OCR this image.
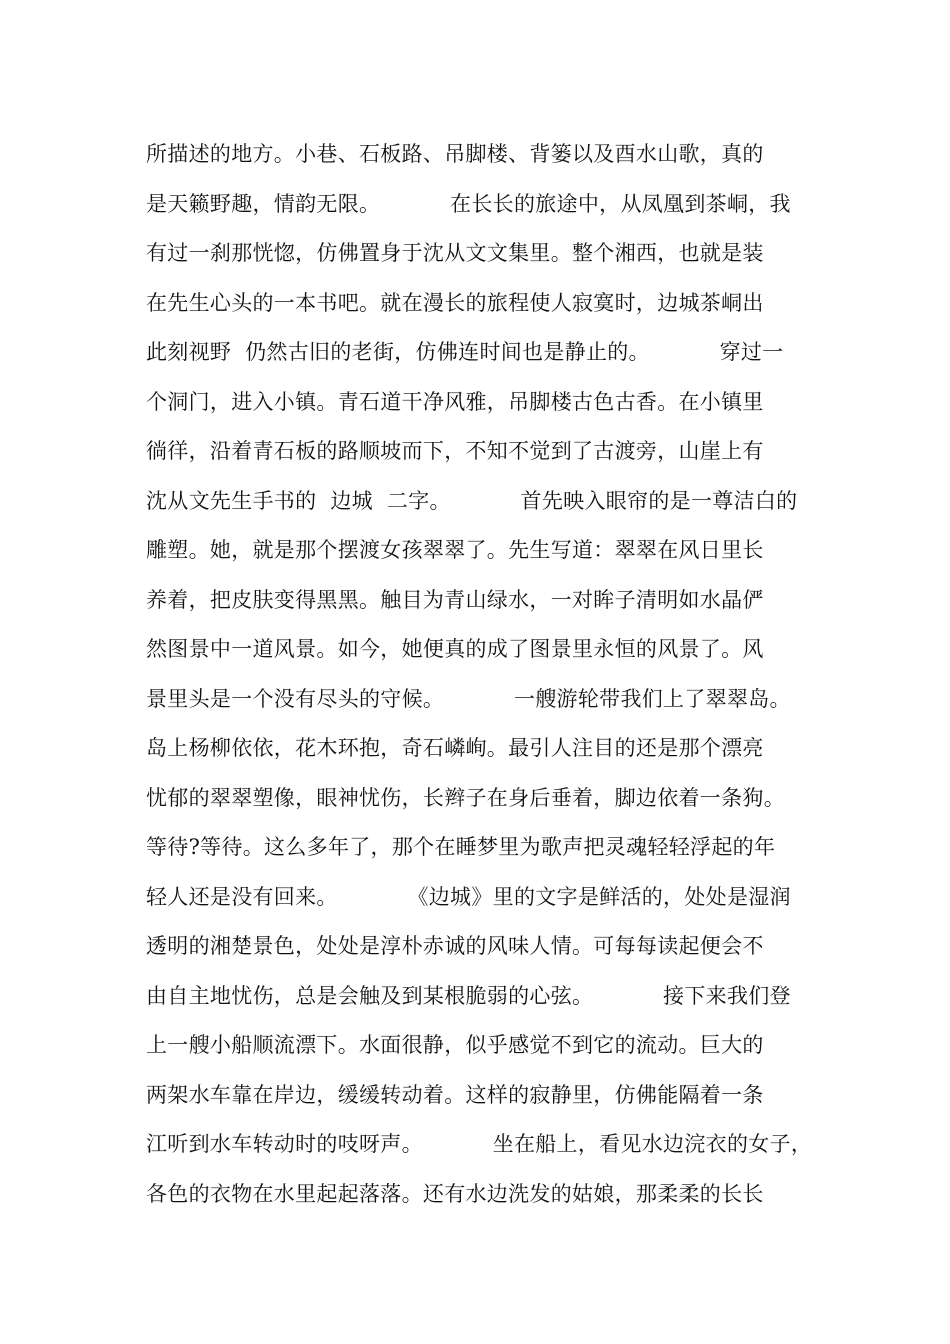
所描述的地方。小巷、石板路、吊脚楼、背篓以及酉水山歌，真的
是天籁野趣，情韵无限。          在长长的旅途中，从凤凰到茶峒，我
有过一刹那恍惚，仿佛置身于沈从文文集里。整个湘西，也就是装
在先生心头的一本书吧。就在漫长的旅程使人寂寞时，边城茶峒出
此刻视野  仍然古旧的老街，仿佛连时间也是静止的。          穿过一
个洞门，进入小镇。青石道干净风雅，吊脚楼古色古香。在小镇里
徜徉，沿着青石板的路顺坡而下，不知不觉到了古渡旁，山崖上有
沈从文先生手书的  边城  二字。          首先映入眼帘的是一尊洁白的
雕塑。她，就是那个摆渡女孩翠翠了。先生写道：翠翠在风日里长
养着，把皮肤变得黑黑。触目为青山绿水，一对眸子清明如水晶俨
然图景中一道风景。如今，她便真的成了图景里永恒的风景了。风
景里头是一个没有尽头的守候。          一艘游轮带我们上了翠翠岛。
岛上杨柳依依，花木环抱，奇石嶙峋。最引人注目的还是那个漂亮
忧郁的翠翠塑像，眼神忧伤，长辫子在身后垂着，脚边依着一条狗。
等待?等待。这么多年了，那个在睡梦里为歌声把灵魂轻轻浮起的年
轻人还是没有回来。          《边城》里的文字是鲜活的，处处是湿润
透明的湘楚景色，处处是淳朴赤诚的风味人情。可每每读起便会不
由自主地忧伤，总是会触及到某根脆弱的心弦。          接下来我们登
上一艘小船顺流漂下。水面很静，似乎感觉不到它的流动。巨大的
两架水车靠在岸边，缓缓转动着。这样的寂静里，仿佛能隔着一条
江听到水车转动时的吱呀声。          坐在船上，看见水边浣衣的女子，
各色的衣物在水里起起落落。还有水边洗发的姑娘，那柔柔的长长
